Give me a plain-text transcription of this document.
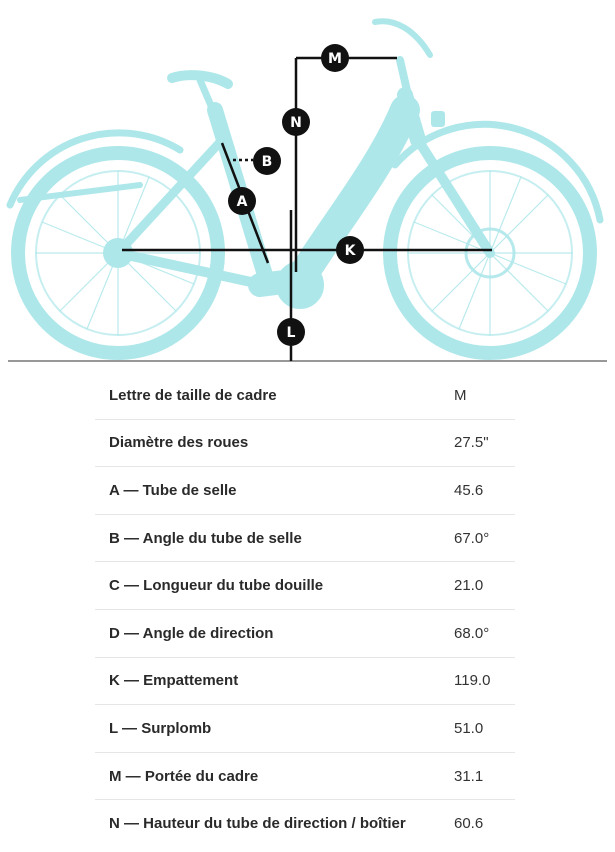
M
N
B
A
K
L
Lettre de taille de cadre	M
Diamètre des roues	27.5"
A — Tube de selle	45.6
B — Angle du tube de selle	67.0°
C — Longueur du tube douille	21.0
D — Angle de direction	68.0°
K — Empattement	119.0
L — Surplomb	51.0
M — Portée du cadre	31.1
N — Hauteur du tube de direction / boîtier	60.6
